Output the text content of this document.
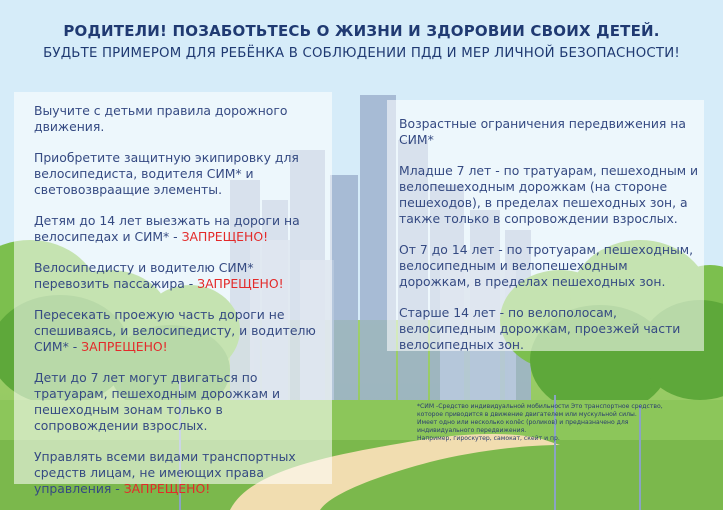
РОДИТЕЛИ! ПОЗАБОТЬТЕСЬ О ЖИЗНИ И ЗДОРОВИИ СВОИХ ДЕТЕЙ.
БУДЬТЕ ПРИМЕРОМ ДЛЯ РЕБЁНКА В СОБЛЮДЕНИИ ПДД И МЕР ЛИЧНОЙ БЕЗОПАСНОСТИ!

Выучите с детьми правила дорожного движения.

Приобретите защитную экипировку для велосипедиста, водителя СИМ* и световозвраащие элементы.

Детям до 14 лет выезжать на дороги на велосипедах и СИМ* - ЗАПРЕЩЕНО!

Велосипедисту и водителю СИМ* перевозить пассажира - ЗАПРЕЩЕНО!

Пересекать проежую часть дороги не спешиваясь, и велосипедисту, и водителю СИМ* - ЗАПРЕЩЕНО!

Дети до 7 лет могут двигаться по тратуарам, пешеходным дорожкам и пешеходным зонам только в сопровождении взрослых.

Управлять всеми видами транспортных средств лицам, не имеющих права управления - ЗАПРЕЩЕНО!

Возрастные ограничения передвижения на СИМ*

Младше 7 лет - по тратуарам, пешеходным и велопешеходным дорожкам (на стороне пешеходов), в пределах пешеходных зон, а также только в сопровождении взрослых.

От 7 до 14 лет - по тротуарам, пешеходным, велосипедным и велопешеходным дорожкам, в пределах пешеходных зон.

Старше 14 лет - по велополосам, велосипедным дорожкам, проезжей части велосипедных зон.

*СИМ -Средство индивидуальной мобильности Это транспортное средство,
которое приводится в движение двигателем или мускульной силы.
Имеет одно или несколько колёс (роликов) и предназначено для
индивидуального передвижения.
Например, гироскутер, самокат, скейт и пр.
